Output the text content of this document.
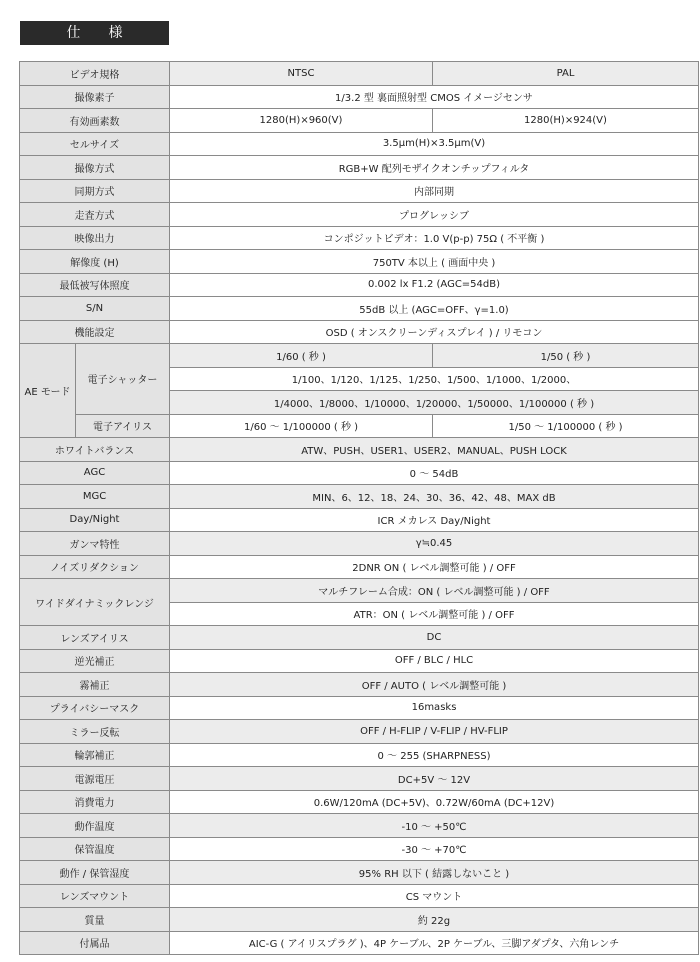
仕　　様
ビデオ規格		NTSC	PAL
撮像素子		1/3.2 型 裏面照射型 CMOS イメージセンサ	
有効画素数		1280(H)×960(V)	1280(H)×924(V)
セルサイズ		3.5μm(H)×3.5μm(V)	
撮像方式		RGB+W 配列モザイクオンチップフィルタ	
同期方式		内部同期	
走査方式		プログレッシブ	
映像出力		コンポジットビデオ：1.0 V(p-p) 75Ω ( 不平衡 )	
解像度 (H)		750TV 本以上 ( 画面中央 )	
最低被写体照度		0.002 lx F1.2 (AGC=54dB)	
S/N		55dB 以上 (AGC=OFF、γ=1.0)	
機能設定		OSD ( オンスクリーンディスプレイ ) / リモコン	
AE モード	電子シャッター	1/60 ( 秒 )	1/50 ( 秒 )
		1/100、1/120、1/125、1/250、1/500、1/1000、1/2000、	
		1/4000、1/8000、1/10000、1/20000、1/50000、1/100000 ( 秒 )	
	電子アイリス	1/60 ～ 1/100000 ( 秒 )	1/50 ～ 1/100000 ( 秒 )
ホワイトバランス		ATW、PUSH、USER1、USER2、MANUAL、PUSH LOCK	
AGC		0 ～ 54dB	
MGC		MIN、6、12、18、24、30、36、42、48、MAX dB	
Day/Night		ICR メカレス Day/Night	
ガンマ特性		γ≒0.45	
ノイズリダクション		2DNR ON ( レベル調整可能 ) / OFF	
ワイドダイナミックレンジ		マルチフレーム合成：ON ( レベル調整可能 ) / OFF	
		ATR：ON ( レベル調整可能 ) / OFF	
レンズアイリス		DC	
逆光補正		OFF / BLC / HLC	
霧補正		OFF / AUTO ( レベル調整可能 )	
プライバシーマスク		16masks	
ミラー反転		OFF / H-FLIP / V-FLIP / HV-FLIP	
輪郭補正		0 ～ 255 (SHARPNESS)	
電源電圧		DC+5V ～ 12V	
消費電力		0.6W/120mA (DC+5V)、0.72W/60mA (DC+12V)	
動作温度		-10 ～ +50℃	
保管温度		-30 ～ +70℃	
動作 / 保管湿度		95% RH 以下 ( 結露しないこと )	
レンズマウント		CS マウント	
質量		約 22g	
付属品		AIC-G ( アイリスプラグ )、4P ケーブル、2P ケーブル、三脚アダプタ、六角レンチ	
